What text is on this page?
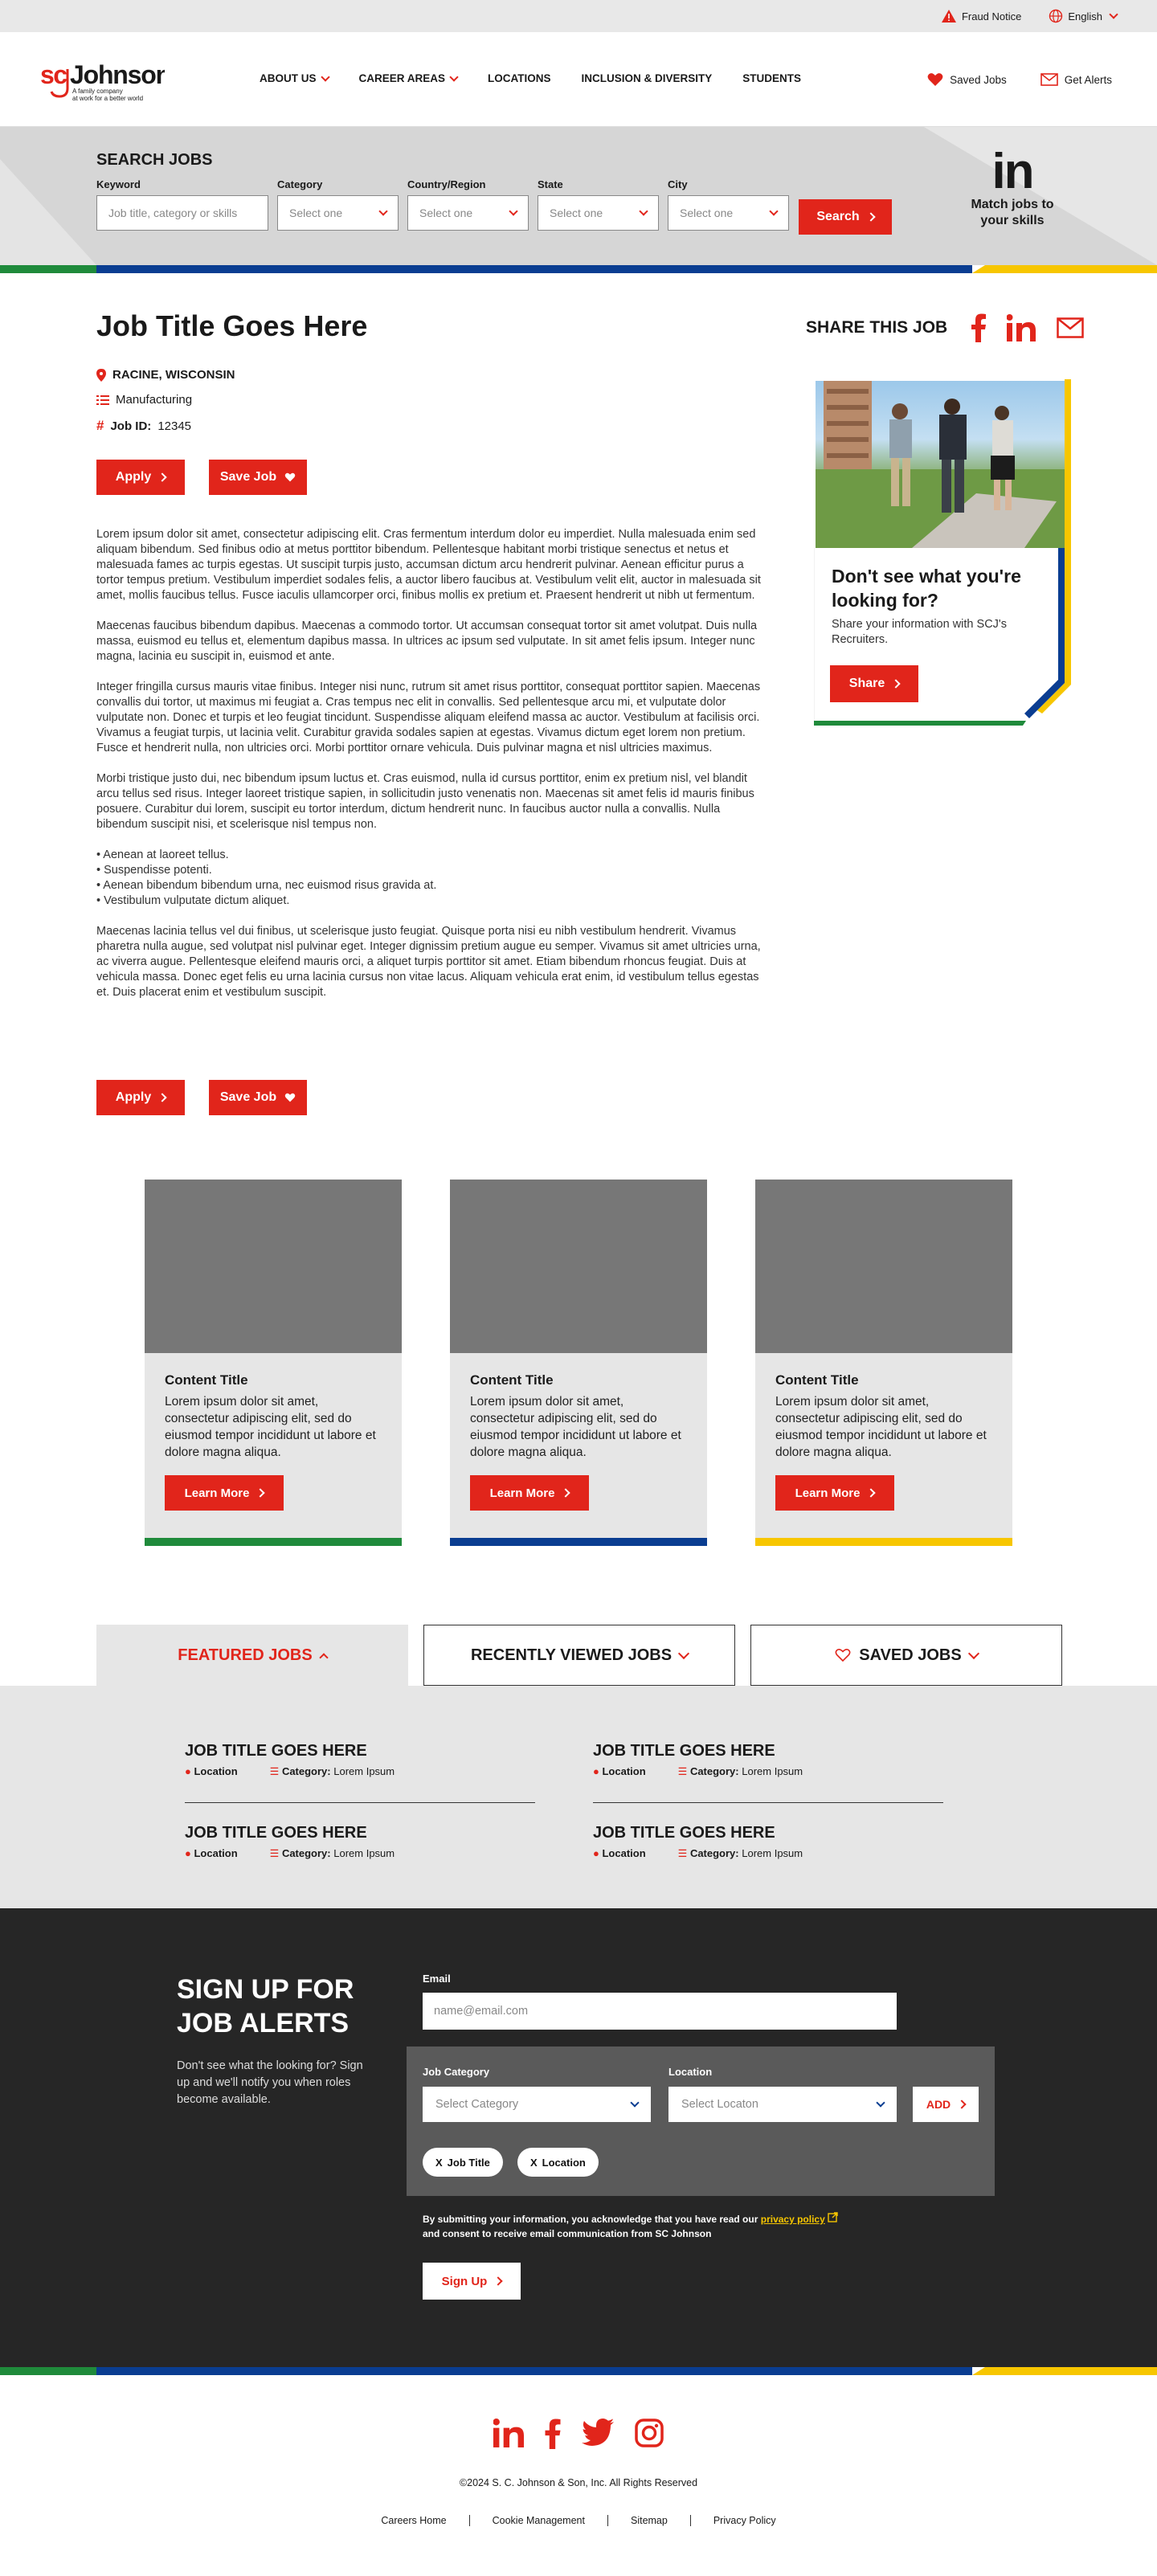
Fraud Notice	English
sc Johnson
A family company
at work for a better world
ABOUT US	CAREER AREAS	LOCATIONS	INCLUSION & DIVERSITY	STUDENTS	Saved Jobs	Get Alerts
SEARCH JOBS
Keyword
Job title, category or skills
Category
Select one
Country/Region
Select one
State
Select one
City
Select one	Search
in
Match jobs to your skills
Job Title Goes Here
RACINE, WISCONSIN
Manufacturing
# Job ID: 12345
Apply	Save Job

Lorem ipsum dolor sit amet, consectetur adipiscing elit. Cras fermentum interdum dolor eu imperdiet. Nulla malesuada enim sed aliquam bibendum. Sed finibus odio at metus porttitor bibendum. Pellentesque habitant morbi tristique senectus et netus et malesuada fames ac turpis egestas. Ut suscipit turpis justo, accumsan dictum arcu hendrerit pulvinar. Aenean efficitur purus a tortor tempus pretium. Vestibulum imperdiet sodales felis, a auctor libero faucibus at. Vestibulum velit elit, auctor in malesuada sit amet, mollis faucibus tellus. Fusce iaculis ullamcorper orci, finibus mollis ex pretium et. Praesent hendrerit ut nibh ut fermentum.

Maecenas faucibus bibendum dapibus. Maecenas a commodo tortor. Ut accumsan consequat tortor sit amet volutpat. Duis nulla massa, euismod eu tellus et, elementum dapibus massa. In ultrices ac ipsum sed vulputate. In sit amet felis ipsum. Integer nunc magna, lacinia eu suscipit in, euismod et ante.

Integer fringilla cursus mauris vitae finibus. Integer nisi nunc, rutrum sit amet risus porttitor, consequat porttitor sapien. Maecenas convallis dui tortor, ut maximus mi feugiat a. Cras tempus nec elit in convallis. Sed pellentesque arcu mi, et vulputate dolor vulputate non. Donec et turpis et leo feugiat tincidunt. Suspendisse aliquam eleifend massa ac auctor. Vestibulum at facilisis orci. Vivamus a feugiat turpis, ut lacinia velit. Curabitur gravida sodales sapien at egestas. Vivamus dictum eget lorem non pretium. Fusce et hendrerit nulla, non ultricies orci. Morbi porttitor ornare vehicula. Duis pulvinar magna et nisl ultricies maximus.

Morbi tristique justo dui, nec bibendum ipsum luctus et. Cras euismod, nulla id cursus porttitor, enim ex pretium nisl, vel blandit arcu tellus sed risus. Integer laoreet tristique sapien, in sollicitudin justo venenatis non. Maecenas sit amet felis id mauris finibus posuere. Curabitur dui lorem, suscipit eu tortor interdum, dictum hendrerit nunc. In faucibus auctor nulla a convallis. Nulla bibendum suscipit nisi, et scelerisque nisl tempus non.

• Aenean at laoreet tellus.
• Suspendisse potenti.
• Aenean bibendum bibendum urna, nec euismod risus gravida at.
• Vestibulum vulputate dictum aliquet.

Maecenas lacinia tellus vel dui finibus, ut scelerisque justo feugiat. Quisque porta nisi eu nibh vestibulum hendrerit. Vivamus pharetra nulla augue, sed volutpat nisl pulvinar eget. Integer dignissim pretium augue eu semper. Vivamus sit amet ultricies urna, ac viverra augue. Pellentesque eleifend mauris orci, a aliquet turpis porttitor sit amet. Etiam bibendum rhoncus feugiat. Duis at vehicula massa. Donec eget felis eu urna lacinia cursus non vitae lacus. Aliquam vehicula erat enim, id vestibulum tellus egestas et. Duis placerat enim et vestibulum suscipit.

Apply	Save Job
SHARE THIS JOB
Don't see what you're looking for?

Share your information with SCJ's Recruiters.

Share
Content Title

Lorem ipsum dolor sit amet, consectetur adipiscing elit, sed do eiusmod tempor incididunt ut labore et dolore magna aliqua.

Learn More
Content Title

Lorem ipsum dolor sit amet, consectetur adipiscing elit, sed do eiusmod tempor incididunt ut labore et dolore magna aliqua.

Learn More
Content Title

Lorem ipsum dolor sit amet, consectetur adipiscing elit, sed do eiusmod tempor incididunt ut labore et dolore magna aliqua.

Learn More
FEATURED JOBS	RECENTLY VIEWED JOBS	SAVED JOBS
JOB TITLE GOES HERE
● Location	☰ Category: Lorem Ipsum
JOB TITLE GOES HERE
● Location	☰ Category: Lorem Ipsum
JOB TITLE GOES HERE
● Location	☰ Category: Lorem Ipsum
JOB TITLE GOES HERE
● Location	☰ Category: Lorem Ipsum
SIGN UP FOR JOB ALERTS
Don't see what the looking for? Sign up and we'll notify you when roles become available.
Email
name@email.com
Job Category
Select Category
Location
Select Locaton	ADD
X Job Title	X Location
By submitting your information, you acknowledge that you have read our privacy policy
and consent to receive email communication from SC Johnson
Sign Up
©2024 S. C. Johnson & Son, Inc. All Rights Reserved
Careers Home	Cookie Management	Sitemap	Privacy Policy
